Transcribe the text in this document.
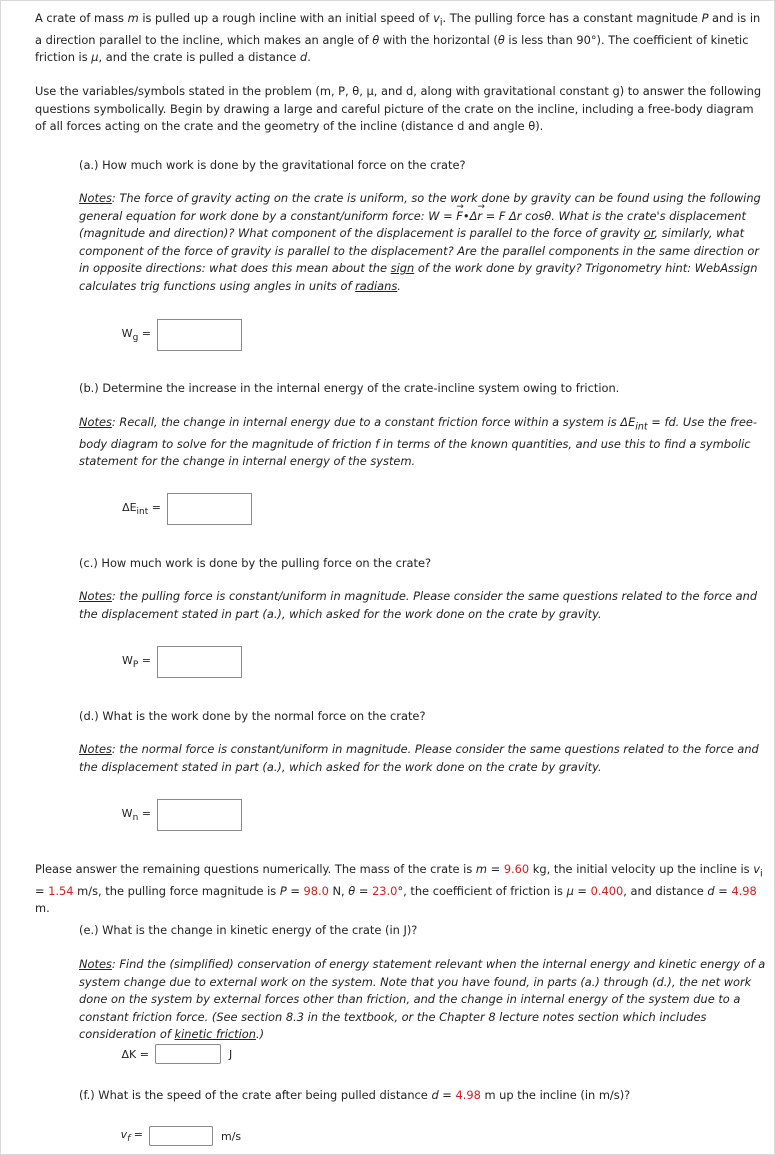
A crate of mass m is pulled up a rough incline with an initial speed of $v_i$. The pulling force has a constant magnitude P and is in a direction parallel to the incline, which makes an angle of θ with the horizontal (θ is less than 90°). The coefficient of kinetic friction is μ, and the crate is pulled a distance d.
Use the variables/symbols stated in the problem (m, P, θ, μ, and d, along with gravitational constant g) to answer the following questions symbolically. Begin by drawing a large and careful picture of the crate on the incline, including a free-body diagram of all forces acting on the crate and the geometry of the incline (distance d and angle θ).
(a.) How much work is done by the gravitational force on the crate?
Notes: The force of gravity acting on the crate is uniform, so the work done by gravity can be found using the following general equation for work done by a constant/uniform force: W = → F•Δ→ r = F Δr cosθ. What is the crate's displacement (magnitude and direction)? What component of the displacement is parallel to the force of gravity or, similarly, what component of the force of gravity is parallel to the displacement? Are the parallel components in the same direction or in opposite directions: what does this mean about the sign of the work done by gravity? Trigonometry hint: WebAssign calculates trig functions using angles in units of radians.
$W_g$ =
(b.) Determine the increase in the internal energy of the crate-incline system owing to friction.
Notes: Recall, the change in internal energy due to a constant friction force within a system is $\Delta E_{int}$ = fd. Use the free-body diagram to solve for the magnitude of friction f in terms of the known quantities, and use this to find a symbolic statement for the change in internal energy of the system.
$\Delta E_{int}$ =
(c.) How much work is done by the pulling force on the crate?
Notes: the pulling force is constant/uniform in magnitude. Please consider the same questions related to the force and the displacement stated in part (a.), which asked for the work done on the crate by gravity.
$W_P$ =
(d.) What is the work done by the normal force on the crate?
Notes: the normal force is constant/uniform in magnitude. Please consider the same questions related to the force and the displacement stated in part (a.), which asked for the work done on the crate by gravity.
$W_n$ =
Please answer the remaining questions numerically. The mass of the crate is m = 9.60 kg, the initial velocity up the incline is $v_i = 1.54$ m/s, the pulling force magnitude is P = 98.0 N, θ = 23.0°, the coefficient of friction is μ = 0.400, and distance d = 4.98 m.
(e.) What is the change in kinetic energy of the crate (in J)?
Notes: Find the (simplified) conservation of energy statement relevant when the internal energy and kinetic energy of a system change due to external work on the system. Note that you have found, in parts (a.) through (d.), the net work done on the system by external forces other than friction, and the change in internal energy of the system due to a constant friction force. (See section 8.3 in the textbook, or the Chapter 8 lecture notes section which includes consideration of kinetic friction.)
ΔK =	J
(f.) What is the speed of the crate after being pulled distance d = 4.98 m up the incline (in m/s)?
$v_f$ =	m/s
